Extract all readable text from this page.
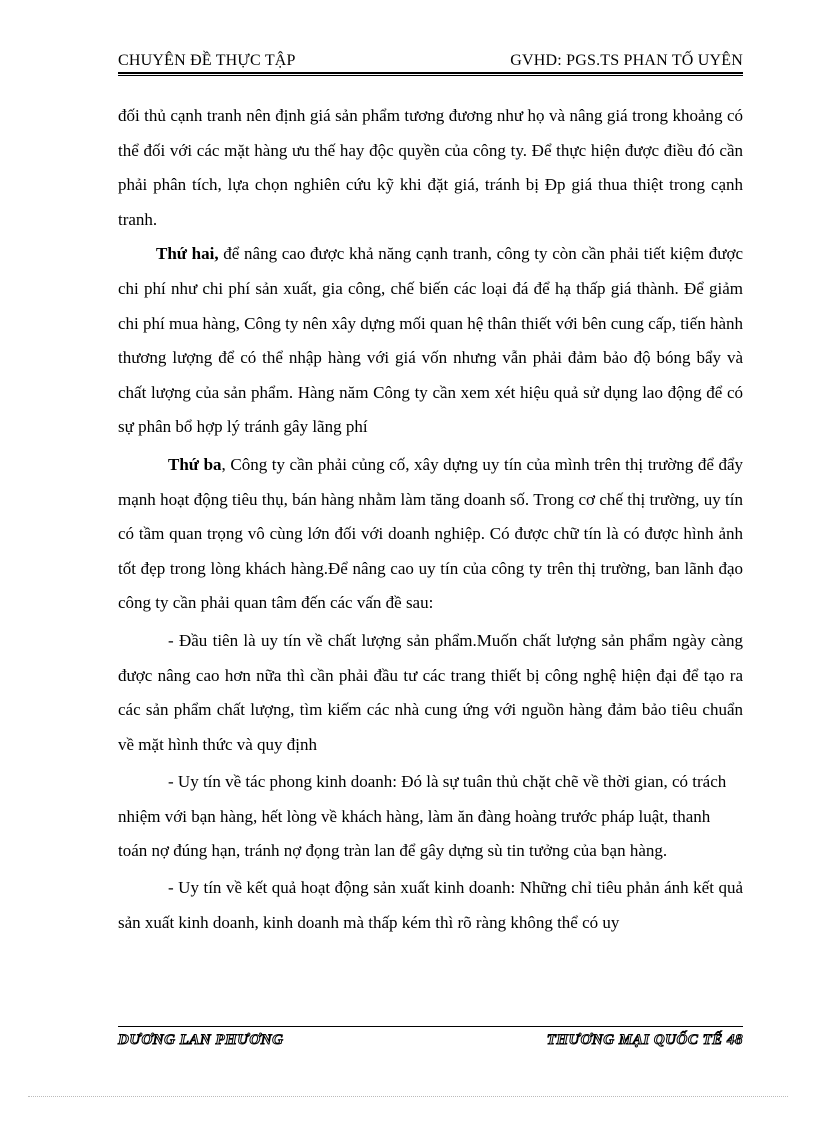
CHUYÊN ĐỀ THỰC TẬP	GVHD: PGS.TS PHAN TỐ UYÊN

đối thủ cạnh tranh nên định giá sản phẩm tương đương như họ và nâng giá trong khoảng có thể đối với các mặt hàng ưu thế hay độc quyền của công ty. Để thực hiện được điều đó cần phải phân tích, lựa chọn nghiên cứu kỹ khi đặt giá, tránh bị Đp giá thua thiệt trong cạnh tranh.

Thứ hai, để nâng cao được khả năng cạnh tranh, công ty còn cần phải tiết kiệm được chi phí như chi phí sản xuất, gia công, chế biến các loại đá để hạ thấp giá thành. Để giảm chi phí mua hàng, Công ty nên xây dựng mối quan hệ thân thiết với bên cung cấp, tiến hành thương lượng để có thể nhập hàng với giá vốn nhưng vẫn phải đảm bảo độ bóng bẩy và chất lượng của sản phẩm. Hàng năm Công ty cần xem xét hiệu quả sử dụng lao động để có sự phân bổ hợp lý tránh gây lãng phí

Thứ ba, Công ty cần phải củng cố, xây dựng uy tín của mình trên thị trường để đẩy mạnh hoạt động tiêu thụ, bán hàng nhằm làm tăng doanh số. Trong cơ chế thị trường, uy tín có tầm quan trọng vô cùng lớn đối với doanh nghiệp. Có được chữ tín là có được hình ảnh tốt đẹp trong lòng khách hàng.Để nâng cao uy tín của công ty trên thị trường, ban lãnh đạo công ty cần phải quan tâm đến các vấn đề sau:

- Đầu tiên là uy tín về chất lượng sản phẩm.Muốn chất lượng sản phẩm ngày càng được nâng cao hơn nữa thì cần phải đầu tư các trang thiết bị công nghệ hiện đại để tạo ra các sản phẩm chất lượng, tìm kiếm các nhà cung ứng với nguồn hàng đảm bảo tiêu chuẩn về mặt hình thức và quy định

- Uy tín về tác phong kinh doanh: Đó là sự tuân thủ chặt chẽ về thời gian, có trách nhiệm với bạn hàng, hết lòng về khách hàng, làm ăn đàng hoàng trước pháp luật, thanh toán nợ đúng hạn, tránh nợ đọng tràn lan để gây dựng sù tin tưởng của bạn hàng.

- Uy tín về kết quả hoạt động sản xuất kinh doanh: Những chỉ tiêu phản ánh kết quả sản xuất kinh doanh, kinh doanh mà thấp kém thì rõ ràng không thể có uy

DƯƠNG LAN PHƯƠNG	THƯƠNG MẠI QUỐC TẾ 48
